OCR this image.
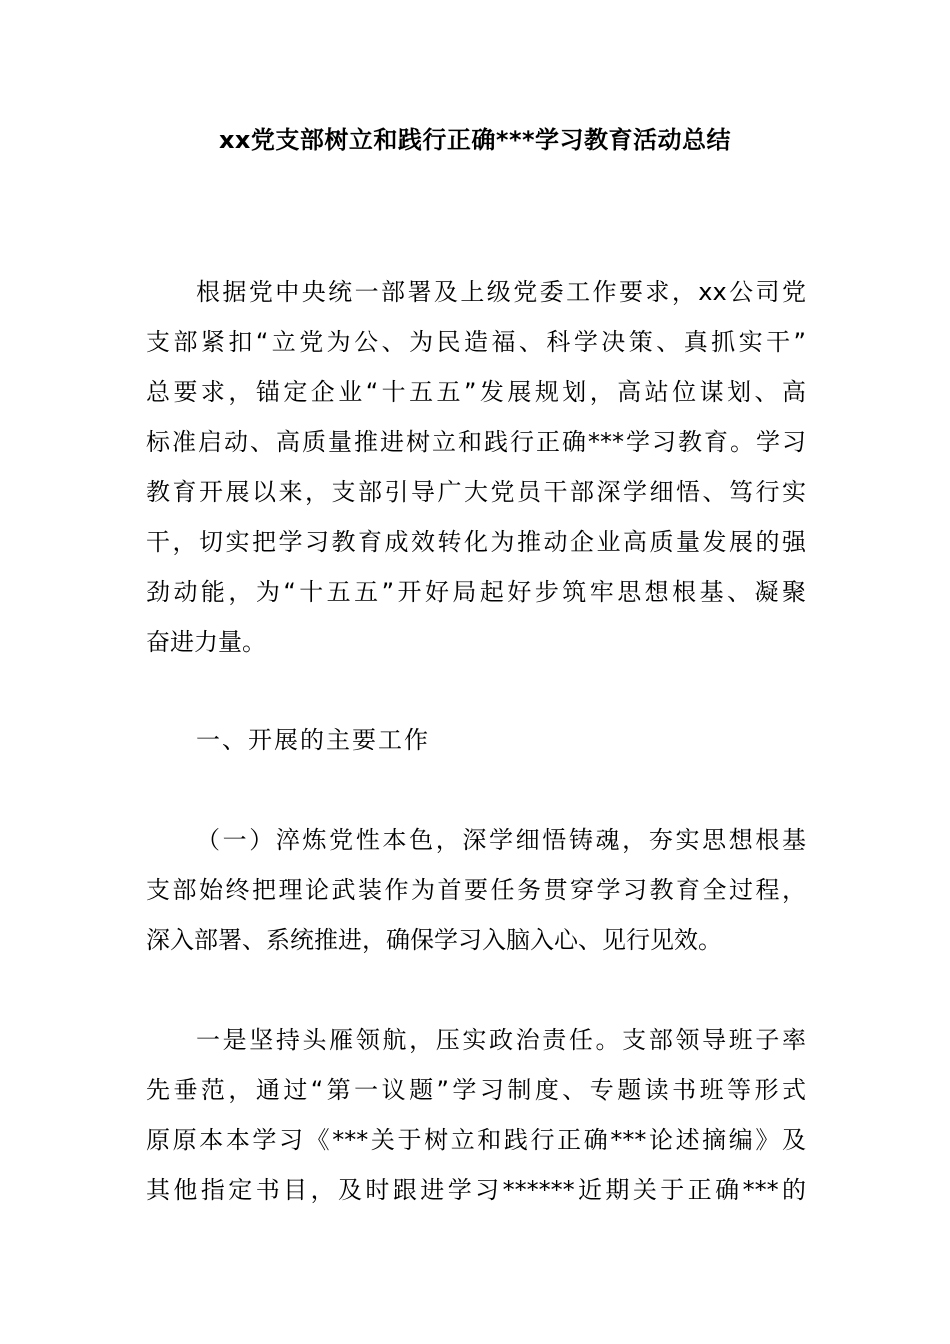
xx党支部树立和践行正确***学习教育活动总结
根据党中央统一部署及上级党委工作要求，xx公司党
支部紧扣“立党为公、为民造福、科学决策、真抓实干”
总要求，锚定企业“十五五”发展规划，高站位谋划、高
标准启动、高质量推进树立和践行正确***学习教育。学习
教育开展以来，支部引导广大党员干部深学细悟、笃行实
干，切实把学习教育成效转化为推动企业高质量发展的强
劲动能，为“十五五”开好局起好步筑牢思想根基、凝聚
奋进力量。
一、开展的主要工作
（一）淬炼党性本色，深学细悟铸魂，夯实思想根基
支部始终把理论武装作为首要任务贯穿学习教育全过程，
深入部署、系统推进，确保学习入脑入心、见行见效。
一是坚持头雁领航，压实政治责任。支部领导班子率
先垂范，通过“第一议题”学习制度、专题读书班等形式
原原本本学习《***关于树立和践行正确***论述摘编》及
其他指定书目，及时跟进学习******近期关于正确***的
